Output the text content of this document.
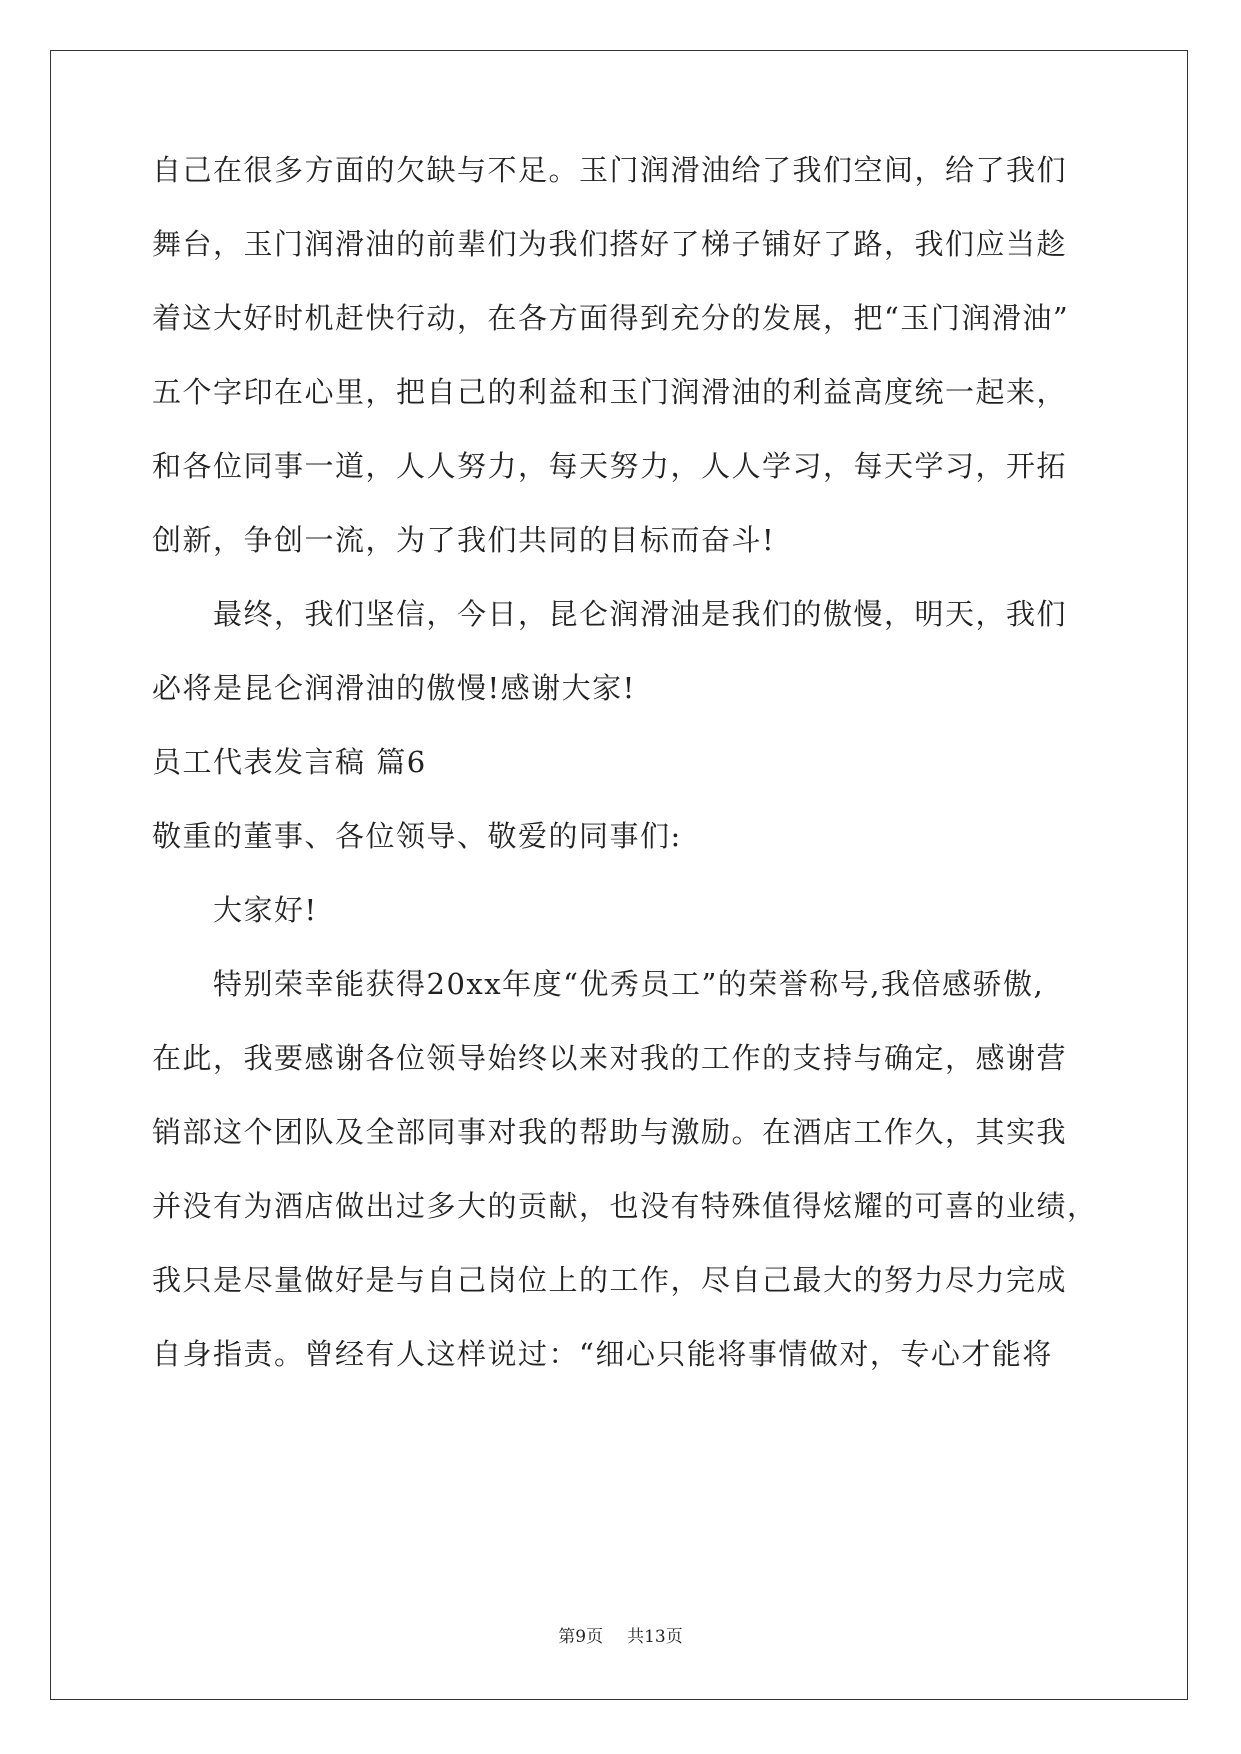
自己在很多方面的欠缺与不足。玉门润滑油给了我们空间，给了我们
舞台，玉门润滑油的前辈们为我们搭好了梯子铺好了路，我们应当趁
着这大好时机赶快行动，在各方面得到充分的发展，把“玉门润滑油”
五个字印在心里，把自己的利益和玉门润滑油的利益高度统一起来，
和各位同事一道，人人努力，每天努力，人人学习，每天学习，开拓
创新，争创一流，为了我们共同的目标而奋斗!
最终，我们坚信，今日，昆仑润滑油是我们的傲慢，明天，我们
必将是昆仑润滑油的傲慢!感谢大家!
员工代表发言稿 篇6
敬重的董事、各位领导、敬爱的同事们:
大家好!
特别荣幸能获得20xx年度“优秀员工”的荣誉称号,我倍感骄傲,
在此，我要感谢各位领导始终以来对我的工作的支持与确定，感谢营
销部这个团队及全部同事对我的帮助与激励。在酒店工作久，其实我
并没有为酒店做出过多大的贡献，也没有特殊值得炫耀的可喜的业绩，
我只是尽量做好是与自己岗位上的工作，尽自己最大的努力尽力完成
自身指责。曾经有人这样说过：“细心只能将事情做对，专心才能将
第9页 共13页
